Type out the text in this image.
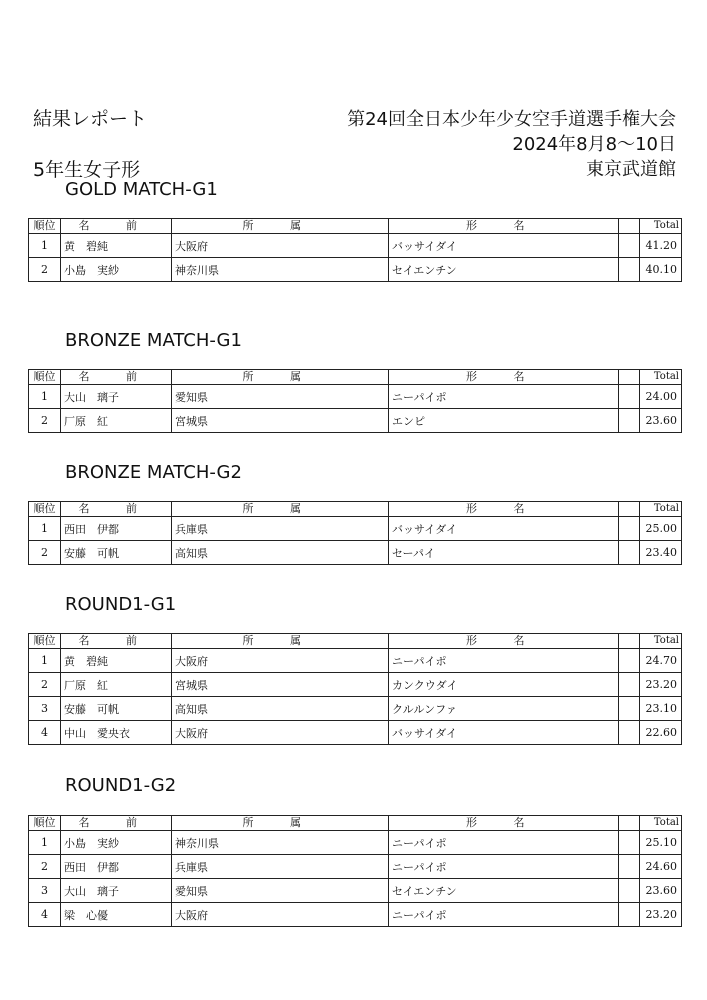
結果レポート	第24回全日本少年少女空手道選手権大会
2024年8月8〜10日
5年生女子形	東京武道館
GOLD MATCH-G1
順位	名 前	所 属	形 名		Total
1	黄　碧純	大阪府	バッサイダイ		41.20
2	小島　実紗	神奈川県	セイエンチン		40.10
BRONZE MATCH-G1
順位	名 前	所 属	形 名		Total
1	大山　璃子	愛知県	ニーパイポ		24.00
2	厂原　紅	宮城県	エンピ		23.60
BRONZE MATCH-G2
順位	名 前	所 属	形 名		Total
1	西田　伊都	兵庫県	バッサイダイ		25.00
2	安藤　可帆	高知県	セーパイ		23.40
ROUND1-G1
順位	名 前	所 属	形 名		Total
1	黄　碧純	大阪府	ニーパイポ		24.70
2	厂原　紅	宮城県	カンクウダイ		23.20
3	安藤　可帆	高知県	クルルンファ		23.10
4	中山　愛央衣	大阪府	バッサイダイ		22.60
ROUND1-G2
順位	名 前	所 属	形 名		Total
1	小島　実紗	神奈川県	ニーパイポ		25.10
2	西田　伊都	兵庫県	ニーパイポ		24.60
3	大山　璃子	愛知県	セイエンチン		23.60
4	梁　心優	大阪府	ニーパイポ		23.20
